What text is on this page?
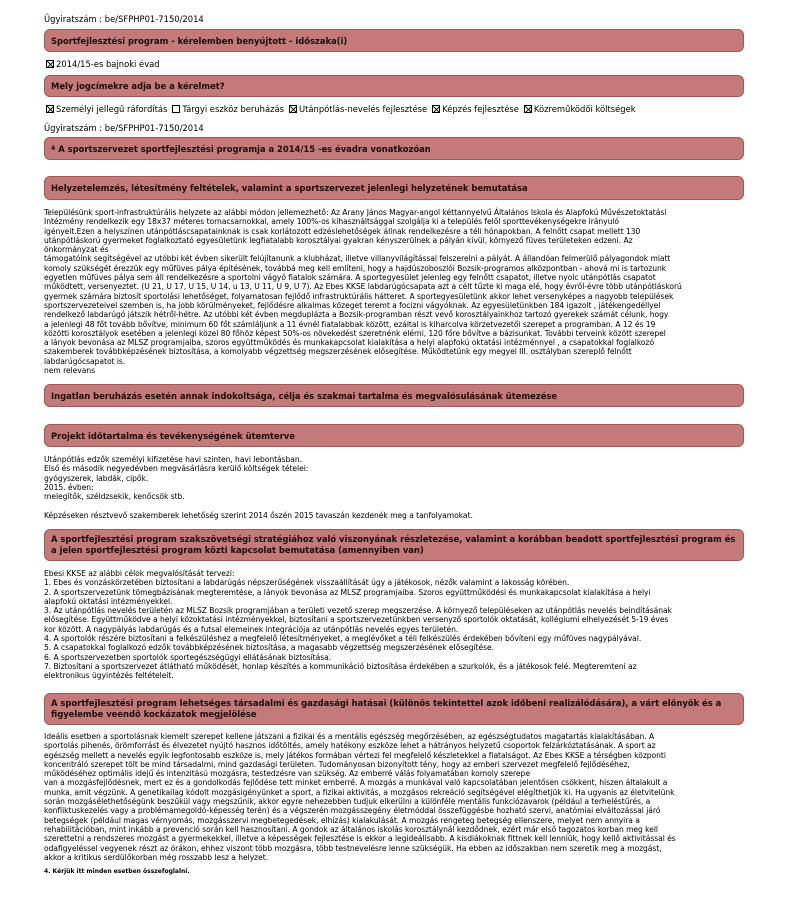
Ügyiratszám : be/SFPHP01-7150/2014
Sportfejlesztési program - kérelemben benyújtott - időszaka(i)
2014/15-es bajnoki évad
Mely jogcímekre adja be a kérelmet?
Személyi jellegű ráfordítás Tárgyi eszköz beruházás Utánpótlás-nevelés fejlesztése Képzés fejlesztése Közreműködői költségek
Ügyiratszám : be/SFPHP01-7150/2014
4 A sportszervezet sportfejlesztési programja a 2014/15 -es évadra vonatkozóan
Helyzetelemzés, létesítmény feltételek, valamint a sportszervezet jelenlegi helyzetének bemutatása
Településünk sport-infrastruktúrális helyzete az alábbi módon jellemezhető: Az Arany János Magyar-angol kéttannyelvű Általános Iskola és Alapfokú Művészetoktatási
Intézmény rendelkezik egy 18x37 méteres tornacsarnokkal, amely 100%-os kihasználtsággal szolgálja ki a település felől sporttevékenységekre irányuló
igényeit.Ezen a helyszínen utánpótláscsapatainknak is csak korlátozott edzéslehetőségek állnak rendelkezésre a téli hónapokban. A felnőtt csapat mellett 130
utánpótláskorú gyermeket foglalkoztató egyesületünk legfiatalabb korosztályai gyakran kényszerülnek a pályán kívül, környező füves területeken edzeni. Az
önkormányzat és
támogatóink segítségével az utóbbi két évben sikerült felújítanunk a klubházat, illetve villanyvilágítással felszerelni a pályát. A állandóan felmerülő pályagondok miatt
komoly szükségét érezzük egy műfüves pálya építésének, továbbá meg kell említeni, hogy a hajdúszoboszlói Bozsik-programos alközpontban - ahová mi is tartozunk
egyetlen műfüves pálya sem áll rendelkezésre a sportolni vágyó fiatalok számára. A sportegyesület jelenleg egy felnőtt csapatot, illetve nyolc utánpótlás csapatot
működtett, versenyeztet. (U 21, U 17, U 15, U 14, u 13, U 11, U 9, U 7). Az Ebes KKSE labdarúgócsapata azt a célt tűzte ki maga elé, hogy évről-évre több utánpótláskorú
gyermek számára biztosít sportolási lehetőséget, folyamatosan fejlődő infrastruktúrális hátteret. A sportegyesületünk akkor lehet versenyképes a nagyobb települések
sportszervezeteivel szemben is, ha jobb körülményeket, fejlődésre alkalmas közeget teremt a focizni vágyóknak. Az egyesületünkben 184 igazolt , játékengedéllyel
rendelkező labdarúgó játszik hétről-hétre. Az utóbbi két évben megduplázta a Bozsik-programban részt vevő korosztályainkhoz tartozó gyerekek számát célunk, hogy
a jelenlegi 48 főt tovább bővítve, minimum 60 főt számláljunk a 11 évnél fiatalabbak között, ezáltal is kiharcolva körzetvezetői szerepet a programban. A 12 és 19
közötti korosztályok esetében a jelenlegi közel 80 főhöz képest 50%-os növekedést szeretnénk elérni, 120 főre bővítve a bázisunkat. További terveink között szerepel
a lányok bevonása az MLSZ programjaiba, szoros együttműködés és munkakapcsolat kialakítása a helyi alapfokú oktatási intézménnyel , a csapatokkal foglalkozó
szakemberek továbbképzésének biztosítása, a komolyabb végzettség megszerzésének elősegítése. Működtetünk egy megyei III. osztályban szereplő felnőtt
labdarúgócsapatot is.
nem relevans
Ingatlan beruházás esetén annak indokoltsága, célja és szakmai tartalma és megvalósulásának ütemezése
Projekt időtartalma és tevékenységének ütemterve
Utánpótlás edzők személyi kifizetése havi szinten, havi lebontásban.
Első és második negyedévben megvásárlásra kerülő költségek tételei:
gyógyszerek, labdák, cipők.
2015. évben:
melegítők, széldzsekik, kenőcsök stb.

Képzéseken résztvevő szakemberek lehetőség szerint 2014 őszén 2015 tavaszán kezdenék meg a tanfolyamokat.
A sportfejlesztési program szakszövetségi stratégiához való viszonyának részletezése, valamint a korábban beadott sportfejlesztési program és a jelen sportfejlesztési program közti kapcsolat bemutatása (amennyiben van)
Ebesi KKSE az alábbi célok megvalósítását tervezi:
1. Ebes és vonzáskörzetében biztosítani a labdarúgás népszerűségének visszaállítását úgy a játékosok, nézők valamint a lakosság körében.
2. A sportszervezetünk tömegbázisának megteremtése, a lányok bevonása az MLSZ programjaiba. Szoros együttműködési és munkakapcsolat kialakítása a helyi
alapfokú oktatási intézményekkel.
3. Az utánpótlás nevelés területén az MLSZ Bozsik programjában a területi vezető szerep megszerzése. A környező településeken az utánpótlás nevelés beindításának
elősegítése. Együttműködve a helyi közoktatási intézményekkel, biztosítani a sportszervezetünkben versenyző sportolók oktatását, kollégiumi elhelyezését 5-19 éves
kor között. A nagypályás labdarúgás és a futsal elemeinek integrációja az utánpótlás nevelés egyes területén.
4. A sportolók részére biztosítani a felkészüléshez a megfelelő létesítményeket, a meglévőket a téli felkészülés érdekében bővíteni egy műfüves nagypályával.
5. A csapatokkal foglalkozó edzők továbbképzésének biztosítása, a magasabb végzettség megszerzésének elősegítése.
6. A sportszervezetben sportolók sportegészségügyi ellátásának biztosítása.
7. Biztosítani a sportszervezet átlátható működését, honlap készítés a kommunikáció biztosítása érdekében a szurkolók, és a játékosok felé. Megteremteni az
elektronikus ügyintézés feltételeit.
A sportfejlesztési program lehetséges társadalmi és gazdasági hatásai (különös tekintettel azok időbeni realizálódására), a várt előnyök és a figyelembe veendő kockázatok megjelölése
Ideális esetben a sportolásnak kiemelt szerepet kellene játszani a fizikai és a mentális egészség megőrzésében, az egészségtudatos magatartás kialakításában. A
sportolás pihenés, örömforrást és élvezetet nyújtó hasznos időtöltés, amely hatékony eszköze lehet a hátrányos helyzetű csoportok felzárkóztatásának. A sport az
egészség mellett a nevelés egyik legfontosabb eszköze is, mely játékos formában vértezi fel megfelelő készletekkel a fiatalságot. Az Ebes KKSE a térségben központi
koncentráló szerepet tölt be mind társadalmi, mind gazdasági területen. Tudományosan bizonyított tény, hogy az emberi szervezet megfelelő fejlődéséhez,
működéséhez optimális idejű és intenzitású mozgásra, testedzésre van szükség. Az emberré válás folyamatában komoly szerepe
van a mozgásfejlődésnek, mert ez és a gondolkodás fejlődése tett minket emberré. A mozgás a munkával való kapcsolatában jelentősen csökkent, hiszen általakult a
munka, amit végzünk. A genetikailag kódolt mozgásigényünket a sport, a fizikai aktivitás, a mozgásos rekreáció segítségével elégíthetjük ki. Ha ugyanis az életvitelünk
során mozgásélethetőségünk beszűkül vagy megszűnik, akkor egyre nehezebben tudjuk elkerülni a különféle mentális funkciózavarok (például a terheléstűrés, a
konfliktuskezelés vagy a problémamegoldó-képesség terén) és a végszerén mozgásszegény életmóddal összefüggésbe hozható szervi, anatómiai elváltozással járó
betegségek (például magas vérnyomás, mozgásszervi megbetegedések, elhízás) kialakulását. A mozgás rengeteg betegség ellenszere, melyet nem annyira a
rehabilitációban, mint inkább a prevenció során kell hasznosítani. A gondok az általános iskolás korosztálynál kezdődnek, ezért már első tagozatos korban meg kell
szerettetni a rendszeres mozgást a gyermekekkel, illetve a képességek fejlesztése is ekkor a legideálisabb. A kisdiákoknak fittnek kell lenniük, hogy kellő aktivitással és
odafigyeléssel vegyenek részt az órákon, ehhez viszont több mozgásra, több testnevelésre lenne szükségük. Ha ebben az időszakban nem szeretik meg a mozgást,
akkor a kritikus serdülőkorban még rosszabb lesz a helyzet.
4. Kérjük itt minden esetben összefoglalni.
